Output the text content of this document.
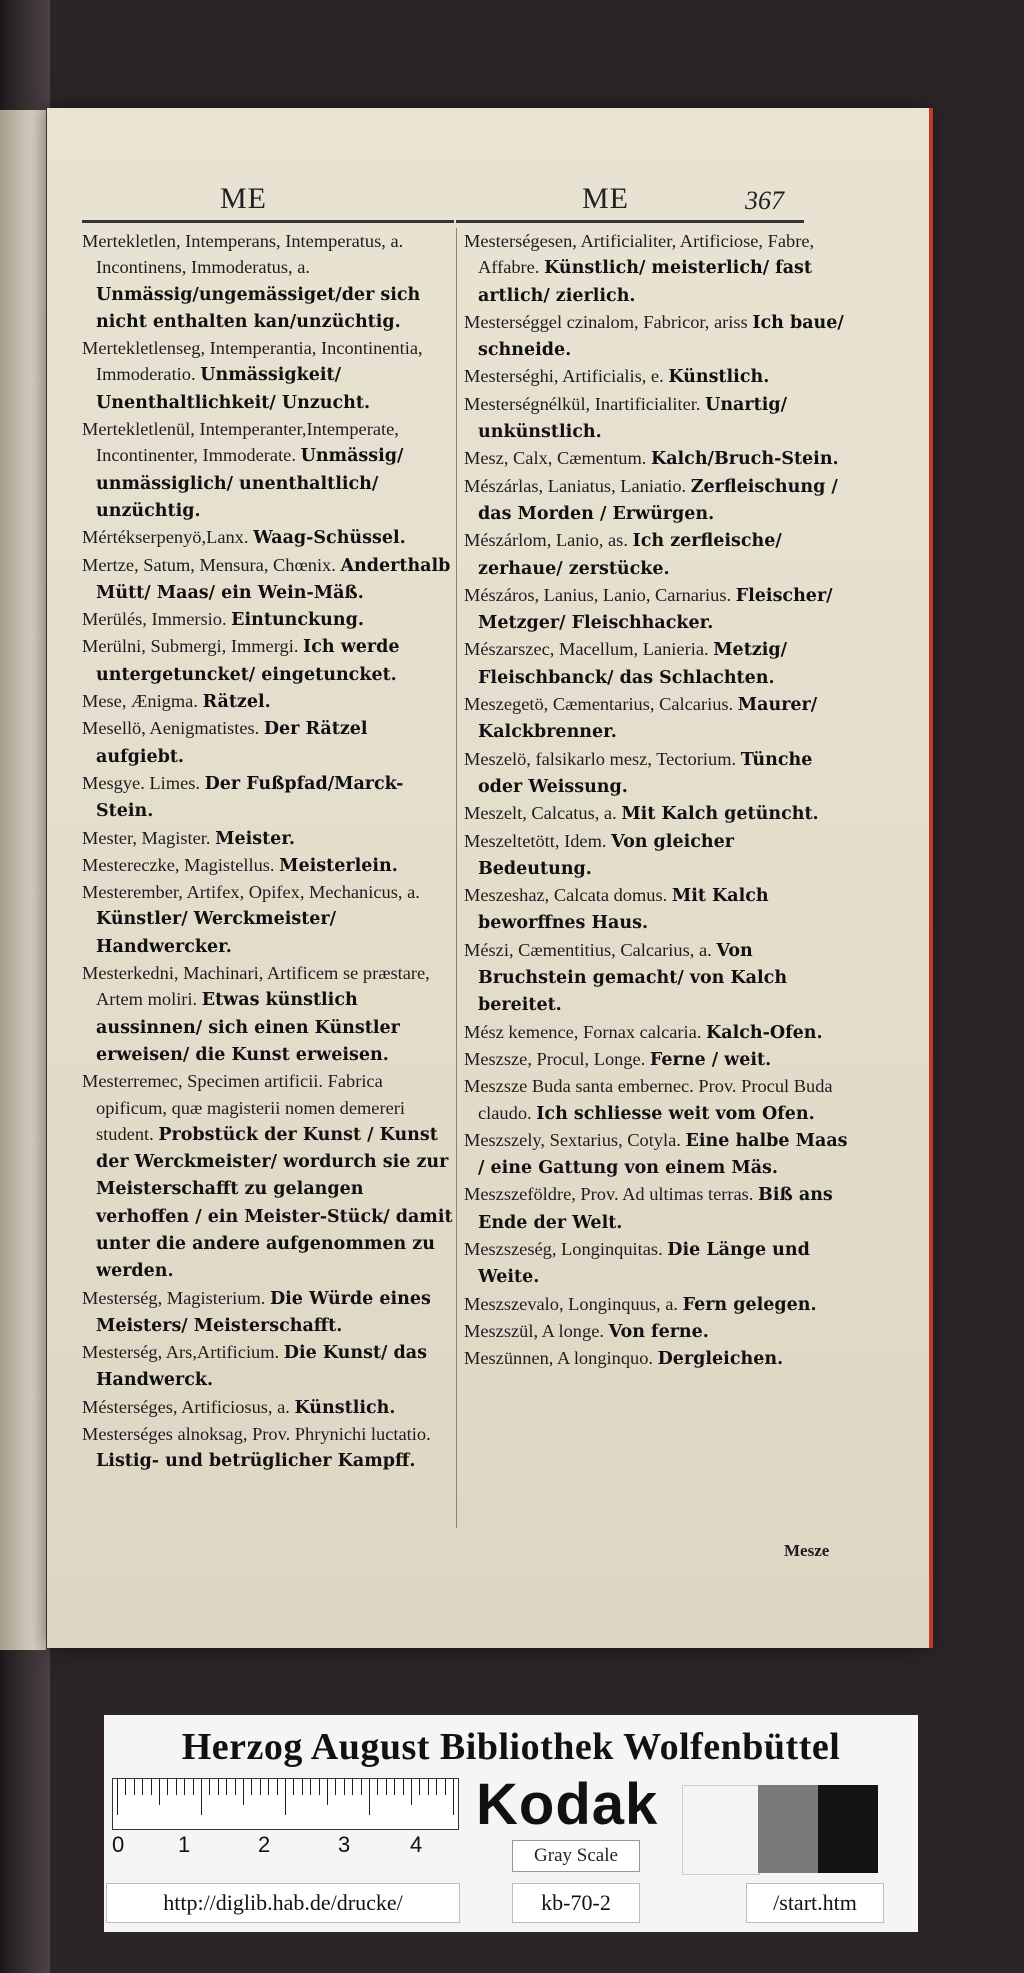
ME	ME	367

Mertekletlen, Intemperans, Intemperatus, a. Incontinens, Immoderatus, a. Unmässig/ungemässiget/der sich nicht enthalten kan/unzüchtig.

Mertekletlenseg, Intemperantia, Incontinentia, Immoderatio. Unmässigkeit/ Unenthaltlichkeit/ Unzucht.

Mertekletlenül, Intemperanter,Intemperate, Incontinenter, Immoderate. Unmässig/ unmässiglich/ unenthaltlich/ unzüchtig.

Mértékserpenyö,Lanx. Waag-Schüssel.

Mertze, Satum, Mensura, Chœnix. Anderthalb Mütt/ Maas/ ein Wein-Mäß.

Merülés, Immersio. Eintunckung.

Merülni, Submergi, Immergi. Ich werde untergetuncket/ eingetuncket.

Mese, Ænigma. Rätzel.

Mesellö, Aenigmatistes. Der Rätzel aufgiebt.

Mesgye. Limes. Der Fußpfad/Marck-Stein.

Mester, Magister. Meister.

Mestereczke, Magistellus. Meisterlein.

Mesterember, Artifex, Opifex, Mechanicus, a. Künstler/ Werckmeister/ Handwercker.

Mesterkedni, Machinari, Artificem se præstare, Artem moliri. Etwas künstlich aussinnen/ sich einen Künstler erweisen/ die Kunst erweisen.

Mesterremec, Specimen artificii. Fabrica opificum, quæ magisterii nomen demereri student. Probstück der Kunst / Kunst der Werckmeister/ wordurch sie zur Meisterschafft zu gelangen verhoffen / ein Meister-Stück/ damit unter die andere aufgenommen zu werden.

Mesterség, Magisterium. Die Würde eines Meisters/ Meisterschafft.

Mesterség, Ars,Artificium. Die Kunst/ das Handwerck.

Mésterséges, Artificiosus, a. Künstlich.

Mesterséges alnoksag, Prov. Phrynichi luctatio. Listig- und betrüglicher Kampff.

Mesterségesen, Artificialiter, Artificiose, Fabre, Affabre. Künstlich/ meisterlich/ fast artlich/ zierlich.

Mesterséggel czinalom, Fabricor, ariss Ich baue/ schneide.

Mesterséghi, Artificialis, e. Künstlich.

Mesterségnélkül, Inartificialiter. Unartig/ unkünstlich.

Mesz, Calx, Cæmentum. Kalch/Bruch-Stein.

Mészárlas, Laniatus, Laniatio. Zerfleischung / das Morden / Erwürgen.

Mészárlom, Lanio, as. Ich zerfleische/ zerhaue/ zerstücke.

Mészáros, Lanius, Lanio, Carnarius. Fleischer/ Metzger/ Fleischhacker.

Mészarszec, Macellum, Lanieria. Metzig/ Fleischbanck/ das Schlachten.

Meszegetö, Cæmentarius, Calcarius. Maurer/ Kalckbrenner.

Meszelö, falsikarlo mesz, Tectorium. Tünche oder Weissung.

Meszelt, Calcatus, a. Mit Kalch getüncht.

Meszeltetött, Idem. Von gleicher Bedeutung.

Meszeshaz, Calcata domus. Mit Kalch beworffnes Haus.

Mészi, Cæmentitius, Calcarius, a. Von Bruchstein gemacht/ von Kalch bereitet.

Mész kemence, Fornax calcaria. Kalch-Ofen.

Meszsze, Procul, Longe. Ferne / weit.

Meszsze Buda santa embernec. Prov. Procul Buda claudo. Ich schliesse weit vom Ofen.

Meszszely, Sextarius, Cotyla. Eine halbe Maas / eine Gattung von einem Mäs.

Meszszeföldre, Prov. Ad ultimas terras. Biß ans Ende der Welt.

Meszszeség, Longinquitas. Die Länge und Weite.

Meszszevalo, Longinquus, a. Fern gelegen.

Meszszül, A longe. Von ferne.

Meszünnen, A longinquo. Dergleichen.

Mesze
Herzog August Bibliothek Wolfenbüttel
0 1	2	3	4
Kodak
Gray Scale
http://diglib.hab.de/drucke/	kb-70-2	/start.htm
